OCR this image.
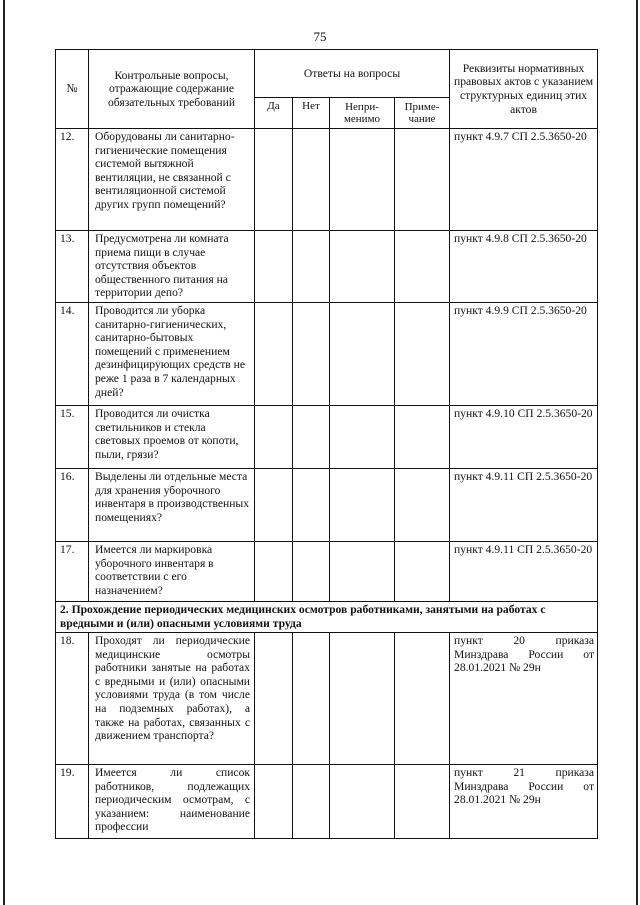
75
№	Контрольные вопросы, отражающие содержание обязательных требований	Ответы на вопросы				Реквизиты нормативных правовых актов с указанием структурных единиц этих актов
		Да	Нет	Непри-менимо	Приме-чание	
12.	Оборудованы ли санитарно-гигиенические помещения системой вытяжной вентиляции, не связанной с вентиляционной системой других групп помещений?					пункт 4.9.7 СП 2.5.3650-20
13.	Предусмотрена ли комната приема пищи в случае отсутствия объектов общественного питания на территории депо?					пункт 4.9.8 СП 2.5.3650-20
14.	Проводится ли уборка санитарно-гигиенических, санитарно-бытовых помещений с применением дезинфицирующих средств не реже 1 раза в 7 календарных дней?					пункт 4.9.9 СП 2.5.3650-20
15.	Проводится ли очистка светильников и стекла световых проемов от копоти, пыли, грязи?					пункт 4.9.10 СП 2.5.3650-20
16.	Выделены ли отдельные места для хранения уборочного инвентаря в производственных помещениях?					пункт 4.9.11 СП 2.5.3650-20
17.	Имеется ли маркировка уборочного инвентаря в соответствии с его назначением?					пункт 4.9.11 СП 2.5.3650-20
2. Прохождение периодических медицинских осмотров работниками, занятыми на работах с вредными и (или) опасными условиями труда						
18.	Проходят ли периодические медицинские осмотры работники занятые на работах с вредными и (или) опасными условиями труда (в том числе на подземных работах), а также на работах, связанных с движением транспорта?					пункт 20 приказа Минздрава России от 28.01.2021 № 29н
19.	Имеется ли список работников, подлежащих периодическим осмотрам, с указанием: наименование профессии					пункт 21 приказа Минздрава России от 28.01.2021 № 29н
